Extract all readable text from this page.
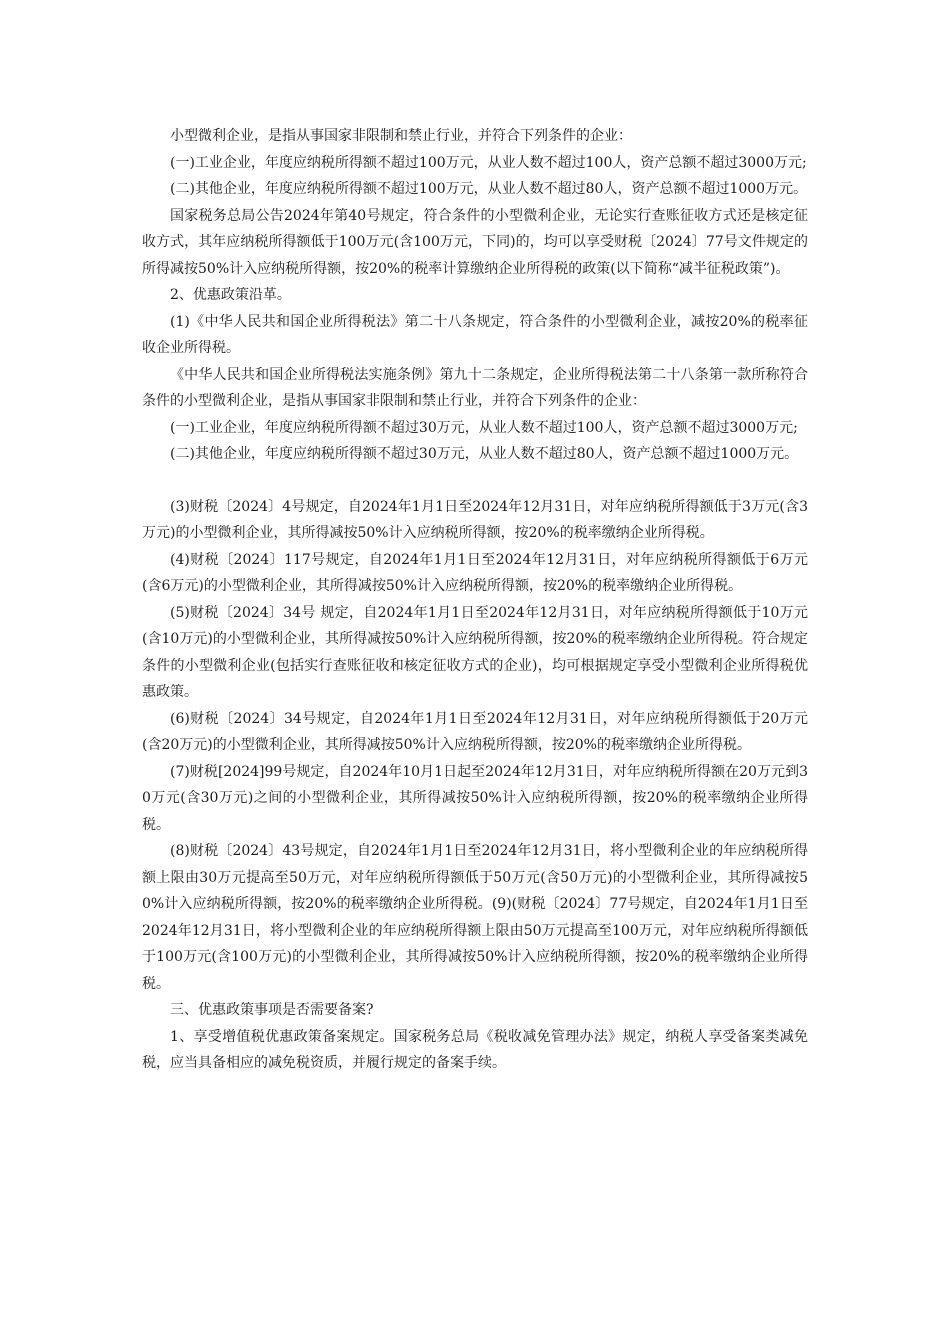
小型微利企业，是指从事国家非限制和禁止行业，并符合下列条件的企业：

(一)工业企业，年度应纳税所得额不超过100万元，从业人数不超过100人，资产总额不超过3000万元;

(二)其他企业，年度应纳税所得额不超过100万元，从业人数不超过80人，资产总额不超过1000万元。

国家税务总局公告2024年第40号规定，符合条件的小型微利企业，无论实行查账征收方式还是核定征收方式，其年应纳税所得额低于100万元(含100万元，下同)的，均可以享受财税〔2024〕77号文件规定的所得减按50%计入应纳税所得额，按20%的税率计算缴纳企业所得税的政策(以下简称“减半征税政策”)。

2、优惠政策沿革。

(1)《中华人民共和国企业所得税法》第二十八条规定，符合条件的小型微利企业，减按20%的税率征收企业所得税。

《中华人民共和国企业所得税法实施条例》第九十二条规定，企业所得税法第二十八条第一款所称符合条件的小型微利企业，是指从事国家非限制和禁止行业，并符合下列条件的企业：

(一)工业企业，年度应纳税所得额不超过30万元，从业人数不超过100人，资产总额不超过3000万元;

(二)其他企业，年度应纳税所得额不超过30万元，从业人数不超过80人，资产总额不超过1000万元。

(3)财税〔2024〕4号规定，自2024年1月1日至2024年12月31日，对年应纳税所得额低于3万元(含3万元)的小型微利企业，其所得减按50%计入应纳税所得额，按20%的税率缴纳企业所得税。

(4)财税〔2024〕117号规定，自2024年1月1日至2024年12月31日，对年应纳税所得额低于6万元(含6万元)的小型微利企业，其所得减按50%计入应纳税所得额，按20%的税率缴纳企业所得税。

(5)财税〔2024〕34号 规定，自2024年1月1日至2024年12月31日，对年应纳税所得额低于10万元(含10万元)的小型微利企业，其所得减按50%计入应纳税所得额，按20%的税率缴纳企业所得税。符合规定条件的小型微利企业(包括实行查账征收和核定征收方式的企业)，均可根据规定享受小型微利企业所得税优惠政策。

(6)财税〔2024〕34号规定，自2024年1月1日至2024年12月31日，对年应纳税所得额低于20万元(含20万元)的小型微利企业，其所得减按50%计入应纳税所得额，按20%的税率缴纳企业所得税。

(7)财税[2024]99号规定，自2024年10月1日起至2024年12月31日，对年应纳税所得额在20万元到30万元(含30万元)之间的小型微利企业，其所得减按50%计入应纳税所得额，按20%的税率缴纳企业所得税。

(8)财税〔2024〕43号规定，自2024年1月1日至2024年12月31日，将小型微利企业的年应纳税所得额上限由30万元提高至50万元，对年应纳税所得额低于50万元(含50万元)的小型微利企业，其所得减按50%计入应纳税所得额，按20%的税率缴纳企业所得税。(9)(财税〔2024〕77号规定，自2024年1月1日至2024年12月31日，将小型微利企业的年应纳税所得额上限由50万元提高至100万元，对年应纳税所得额低于100万元(含100万元)的小型微利企业，其所得减按50%计入应纳税所得额，按20%的税率缴纳企业所得税。

三、优惠政策事项是否需要备案?

1、享受增值税优惠政策备案规定。国家税务总局《税收减免管理办法》规定，纳税人享受备案类减免税，应当具备相应的减免税资质，并履行规定的备案手续。
